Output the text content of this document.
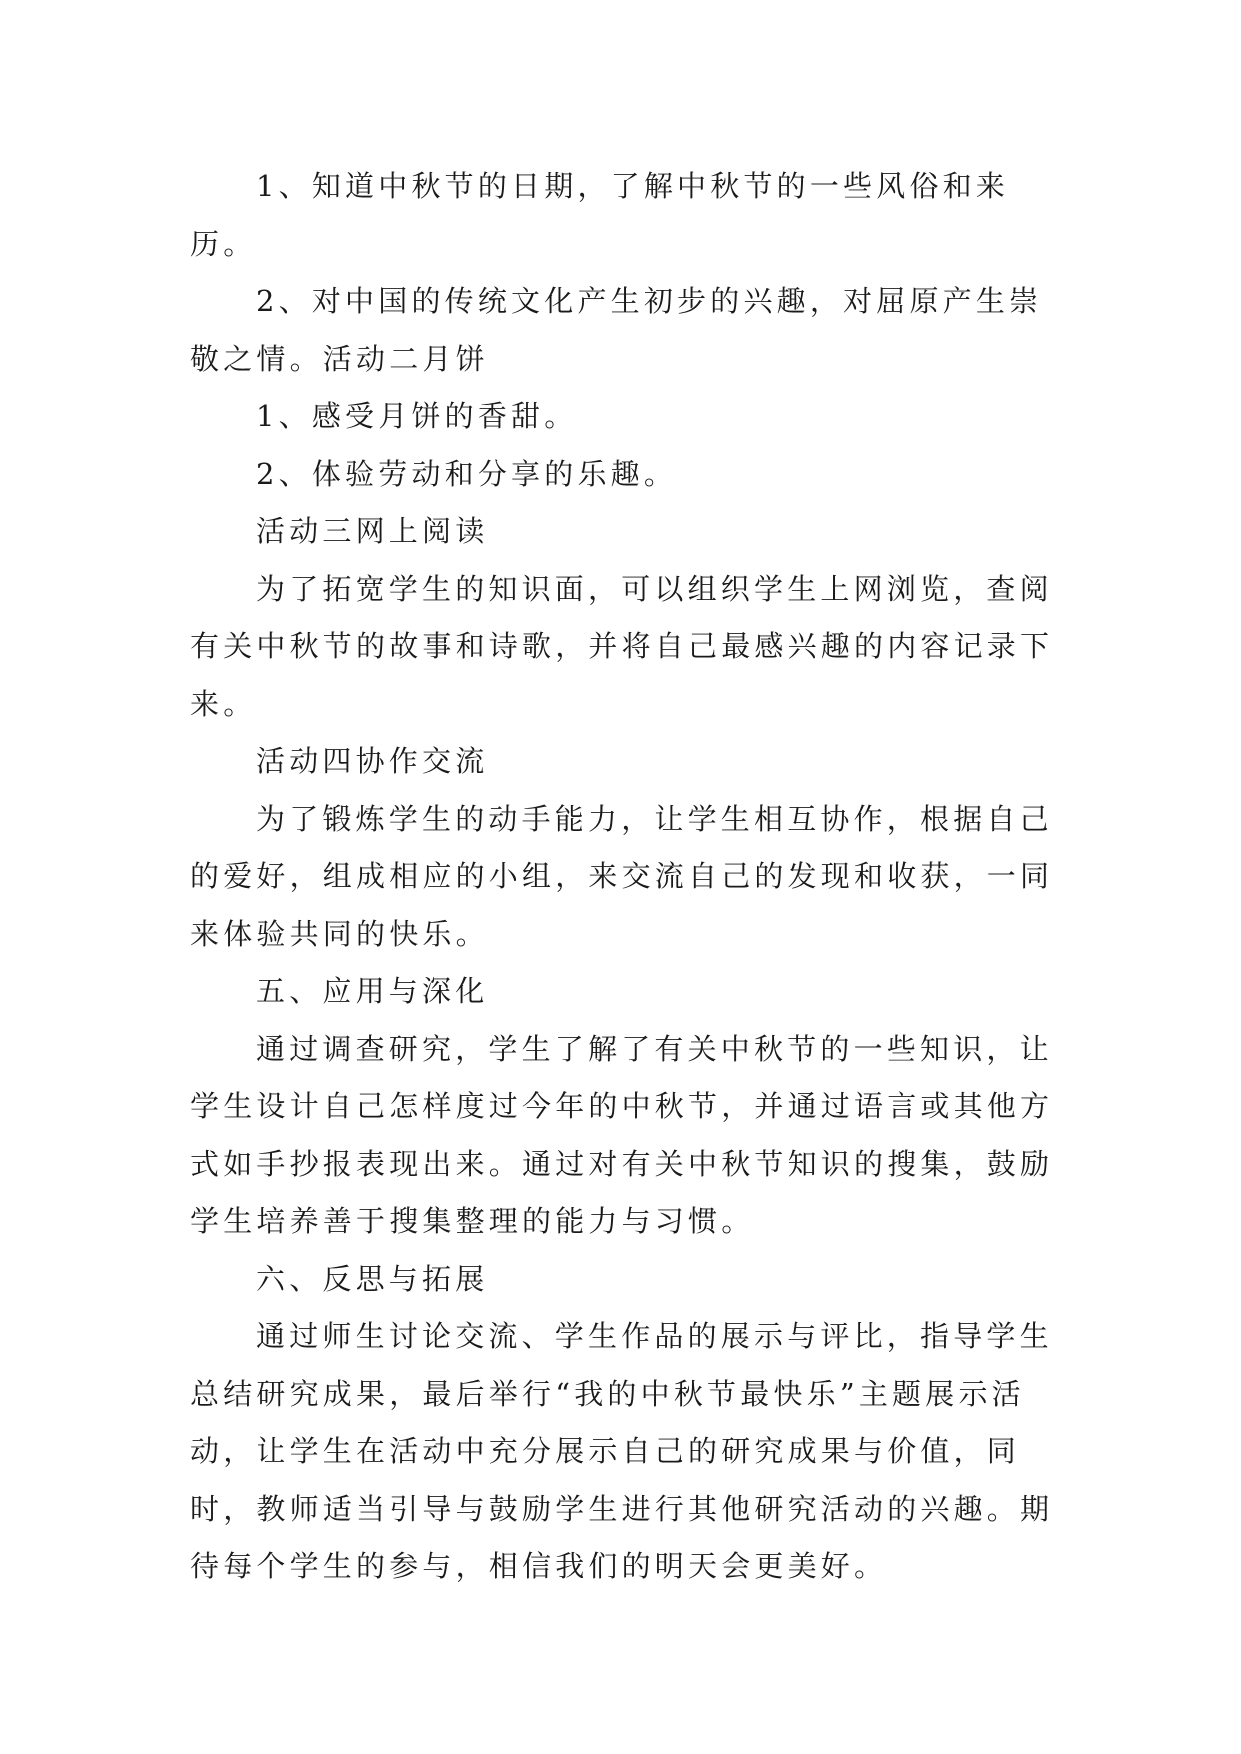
1、知道中秋节的日期，了解中秋节的一些风俗和来历。

2、对中国的传统文化产生初步的兴趣，对屈原产生崇敬之情。活动二月饼

1、感受月饼的香甜。

2、体验劳动和分享的乐趣。

活动三网上阅读

为了拓宽学生的知识面，可以组织学生上网浏览，查阅有关中秋节的故事和诗歌，并将自己最感兴趣的内容记录下来。

活动四协作交流

为了锻炼学生的动手能力，让学生相互协作，根据自己的爱好，组成相应的小组，来交流自己的发现和收获，一同来体验共同的快乐。

五、应用与深化

通过调查研究，学生了解了有关中秋节的一些知识，让学生设计自己怎样度过今年的中秋节，并通过语言或其他方式如手抄报表现出来。通过对有关中秋节知识的搜集，鼓励学生培养善于搜集整理的能力与习惯。

六、反思与拓展

通过师生讨论交流、学生作品的展示与评比，指导学生总结研究成果，最后举行“我的中秋节最快乐”主题展示活动，让学生在活动中充分展示自己的研究成果与价值，同时，教师适当引导与鼓励学生进行其他研究活动的兴趣。期待每个学生的参与，相信我们的明天会更美好。
